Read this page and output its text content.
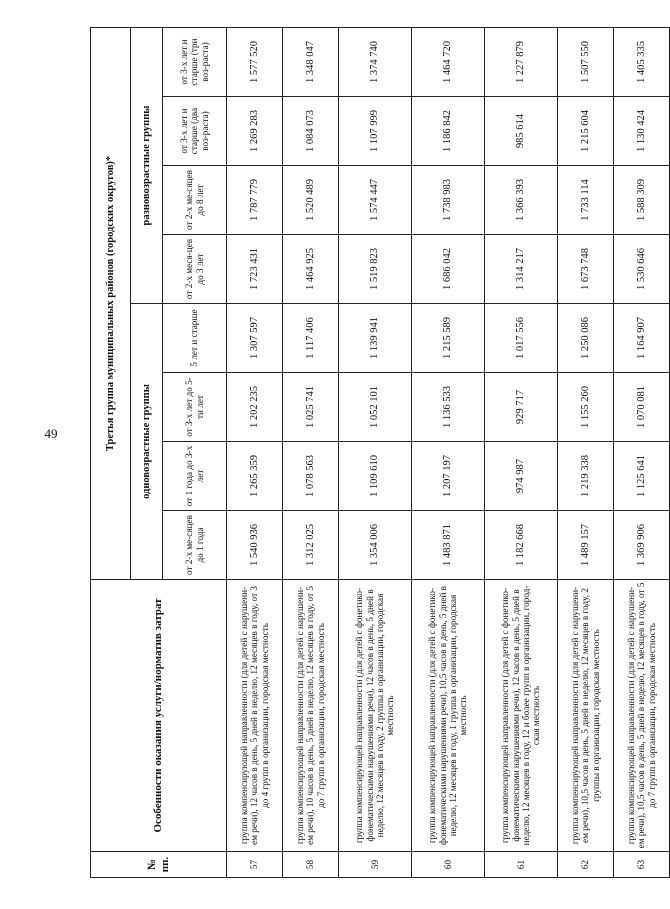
49
№ пп.	Особенности оказания услуги/норматив затрат	Третья группа муниципальных районов (городских округов)*							
		одновозрастные группы				разновозрастные группы			
		от 2-х ме-сяцев до 1 года	от 1 года до 3-х лет	от 3-х лет до 5-ти лет	5 лет и старше	от 2-х меся-цев до 3 лет	от 2-х ме-сяцев до 8 лет	от 3-х лет и старше (два воз-раста)	от 3-х лет и старше (три воз-раста)
57	группа компенсирующей направленности (для детей с нарушени-ем речи), 12 часов в день, 5 дней в неделю, 12 месяцев в году, от 3 до 4 групп в организации, городская местность	1 540 936	1 265 359	1 202 235	1 307 597	1 723 431	1 787 779	1 269 283	1 577 520
58	группа компенсирующей направленности (для детей с нарушени-ем речи), 10 часов в день, 5 дней в неделю, 12 месяцев в году, от 5 до 7 групп в организации, городская местность	1 312 025	1 078 563	1 025 741	1 117 406	1 464 925	1 520 489	1 084 073	1 348 047
59	группа компенсирующей направленности (для детей с фонетико-фонематическими нарушениями речи), 12 часов в день, 5 дней в неделю, 12 месяцев в году, 2 группы в организации, городская местность	1 354 006	1 109 610	1 052 101	1 139 941	1 519 823	1 574 447	1 107 999	1 374 740
60	группа компенсирующей направленности (для детей с фонетико-фонематическими нарушениями речи), 10,5 часов в день, 5 дней в неделю, 12 месяцев в году, 1 группа в организации, городская местность	1 483 871	1 207 197	1 136 533	1 215 589	1 686 042	1 738 983	1 186 842	1 464 720
61	группа компенсирующей направленности (для детей с фонетико-фонематическими нарушениями речи), 12 часов в день, 5 дней в неделю, 12 месяцев в году, 12 и более групп в организации, город-ская местность	1 182 668	974 987	929 717	1 017 556	1 314 217	1 366 393	985 614	1 227 879
62	группа компенсирующей направленности (для детей с нарушени-ем речи), 10,5 часов в день, 5 дней в неделю, 12 месяцев в году, 2 группы в организации, городская местность	1 489 157	1 219 338	1 155 260	1 250 086	1 673 748	1 733 114	1 215 604	1 507 550
63	группа компенсирующей направленности (для детей с нарушени-ем речи), 10,5 часов в день, 5 дней в неделю, 12 месяцев в году, от 5 до 7 групп в организации, городская местность	1 369 906	1 125 641	1 070 081	1 164 907	1 530 646	1 588 309	1 130 424	1 405 335
